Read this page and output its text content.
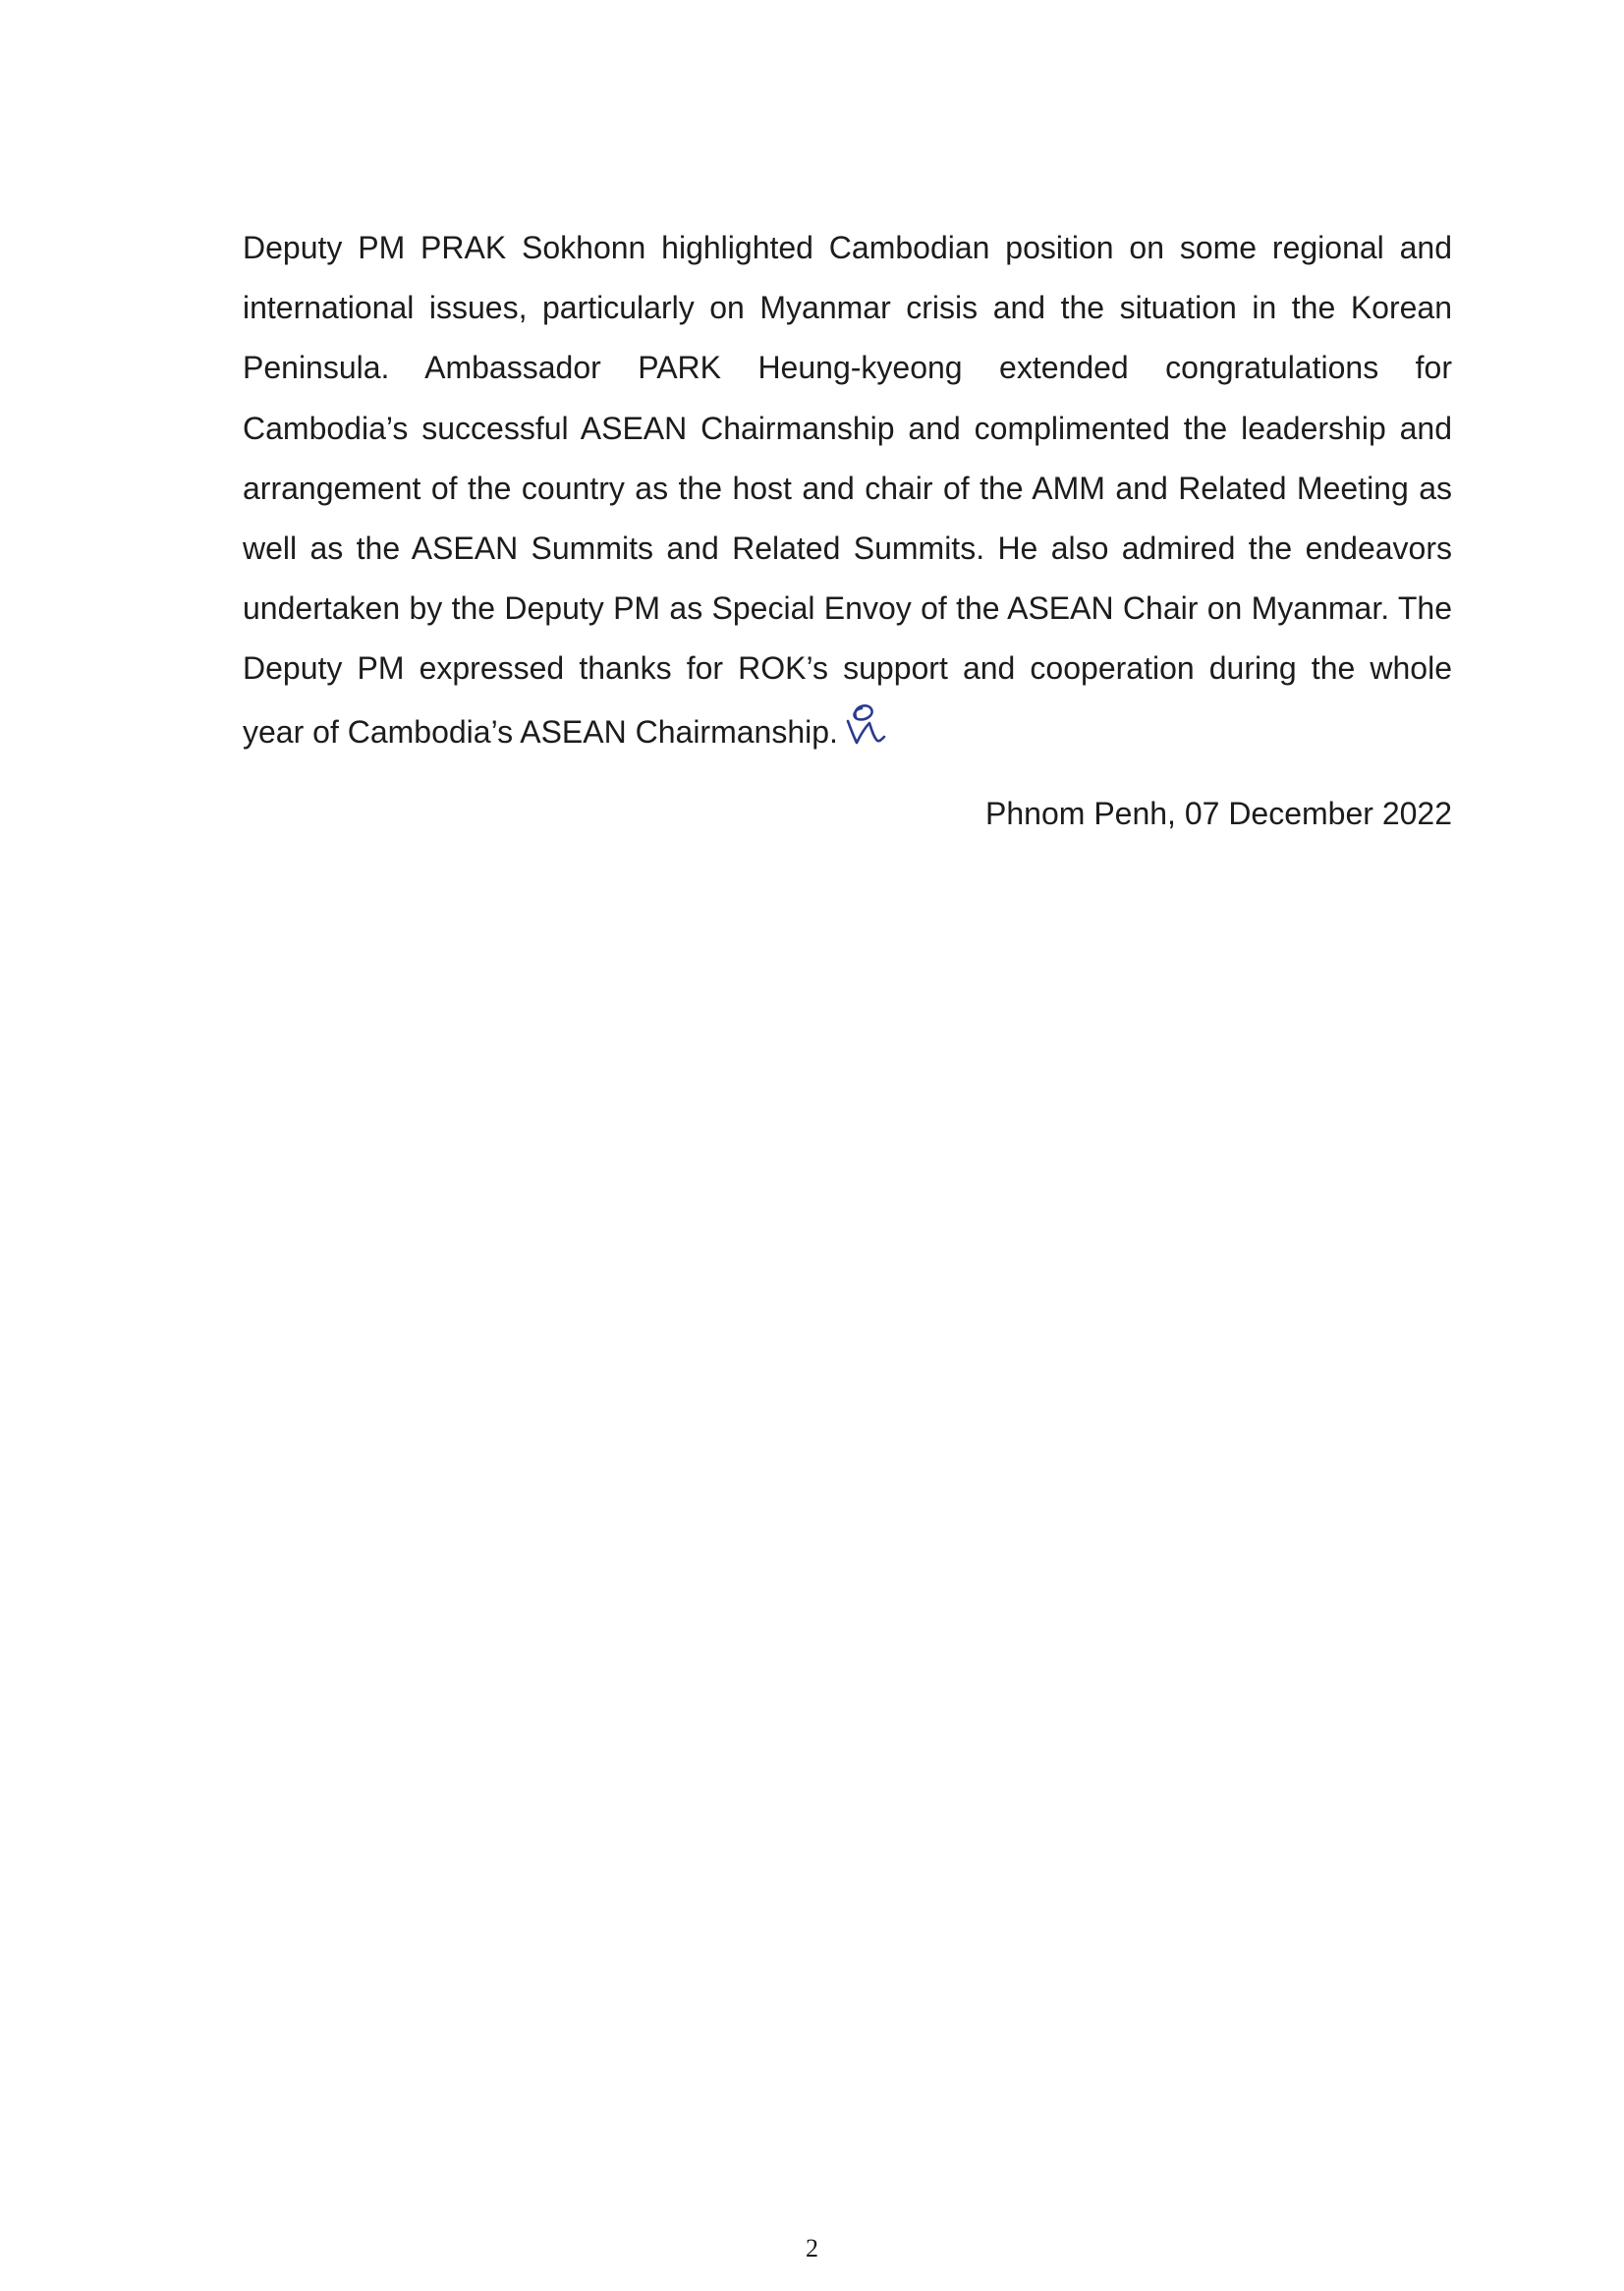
Deputy PM PRAK Sokhonn highlighted Cambodian position on some regional and international issues, particularly on Myanmar crisis and the situation in the Korean Peninsula. Ambassador PARK Heung-kyeong extended congratulations for Cambodia’s successful ASEAN Chairmanship and complimented the leadership and arrangement of the country as the host and chair of the AMM and Related Meeting as well as the ASEAN Summits and Related Summits. He also admired the endeavors undertaken by the Deputy PM as Special Envoy of the ASEAN Chair on Myanmar. The Deputy PM expressed thanks for ROK’s support and cooperation during the whole year of Cambodia’s ASEAN Chairmanship.

Phnom Penh, 07 December 2022

2
